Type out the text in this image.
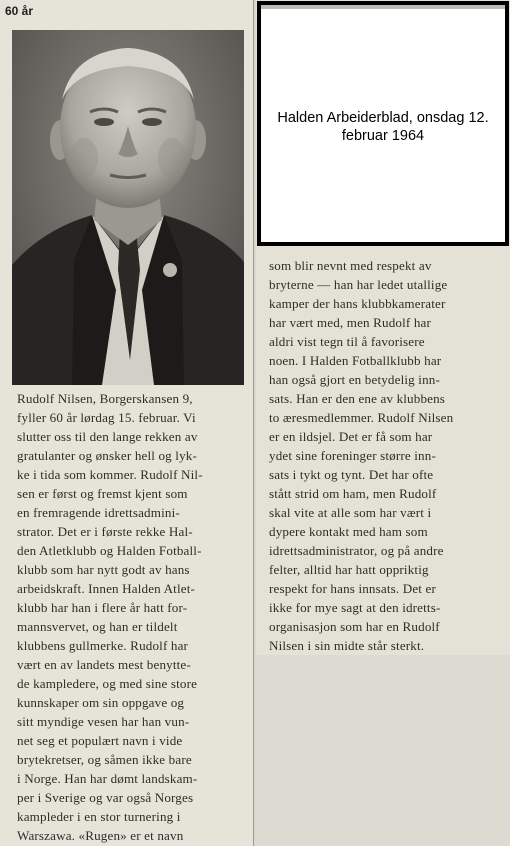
60 år

Rudolf Nilsen, Borgerskansen 9,
fyller 60 år lørdag 15. februar. Vi
slutter oss til den lange rekken av
gratulanter og ønsker hell og lyk-
ke i tida som kommer. Rudolf Nil-
sen er først og fremst kjent som
en fremragende idrettsadmini-
strator. Det er i første rekke Hal-
den Atletklubb og Halden Fotball-
klubb som har nytt godt av hans
arbeidskraft. Innen Halden Atlet-
klubb har han i flere år hatt for-
mannsvervet, og han er tildelt
klubbens gullmerke. Rudolf har
vært en av landets mest benytte-
de kampledere, og med sine store
kunnskaper om sin oppgave og
sitt myndige vesen har han vun-
net seg et populært navn i vide
brytekretser, og såmen ikke bare
i Norge. Han har dømt landskam-
per i Sverige og var også Norges
kampleder i en stor turnering i
Warszawa. «Rugen» er et navn

som blir nevnt med respekt av
bryterne — han har ledet utallige
kamper der hans klubbkamerater
har vært med, men Rudolf har
aldri vist tegn til å favorisere
noen. I Halden Fotballklubb har
han også gjort en betydelig inn-
sats. Han er den ene av klubbens
to æresmedlemmer. Rudolf Nilsen
er en ildsjel. Det er få som har
ydet sine foreninger større inn-
sats i tykt og tynt. Det har ofte
stått strid om ham, men Rudolf
skal vite at alle som har vært i
dypere kontakt med ham som
idrettsadministrator, og på andre
felter, alltid har hatt oppriktig
respekt for hans innsats. Det er
ikke for mye sagt at den idretts-
organisasjon som har en Rudolf
Nilsen i sin midte står sterkt.

Halden Arbeiderblad, onsdag 12. februar 1964
